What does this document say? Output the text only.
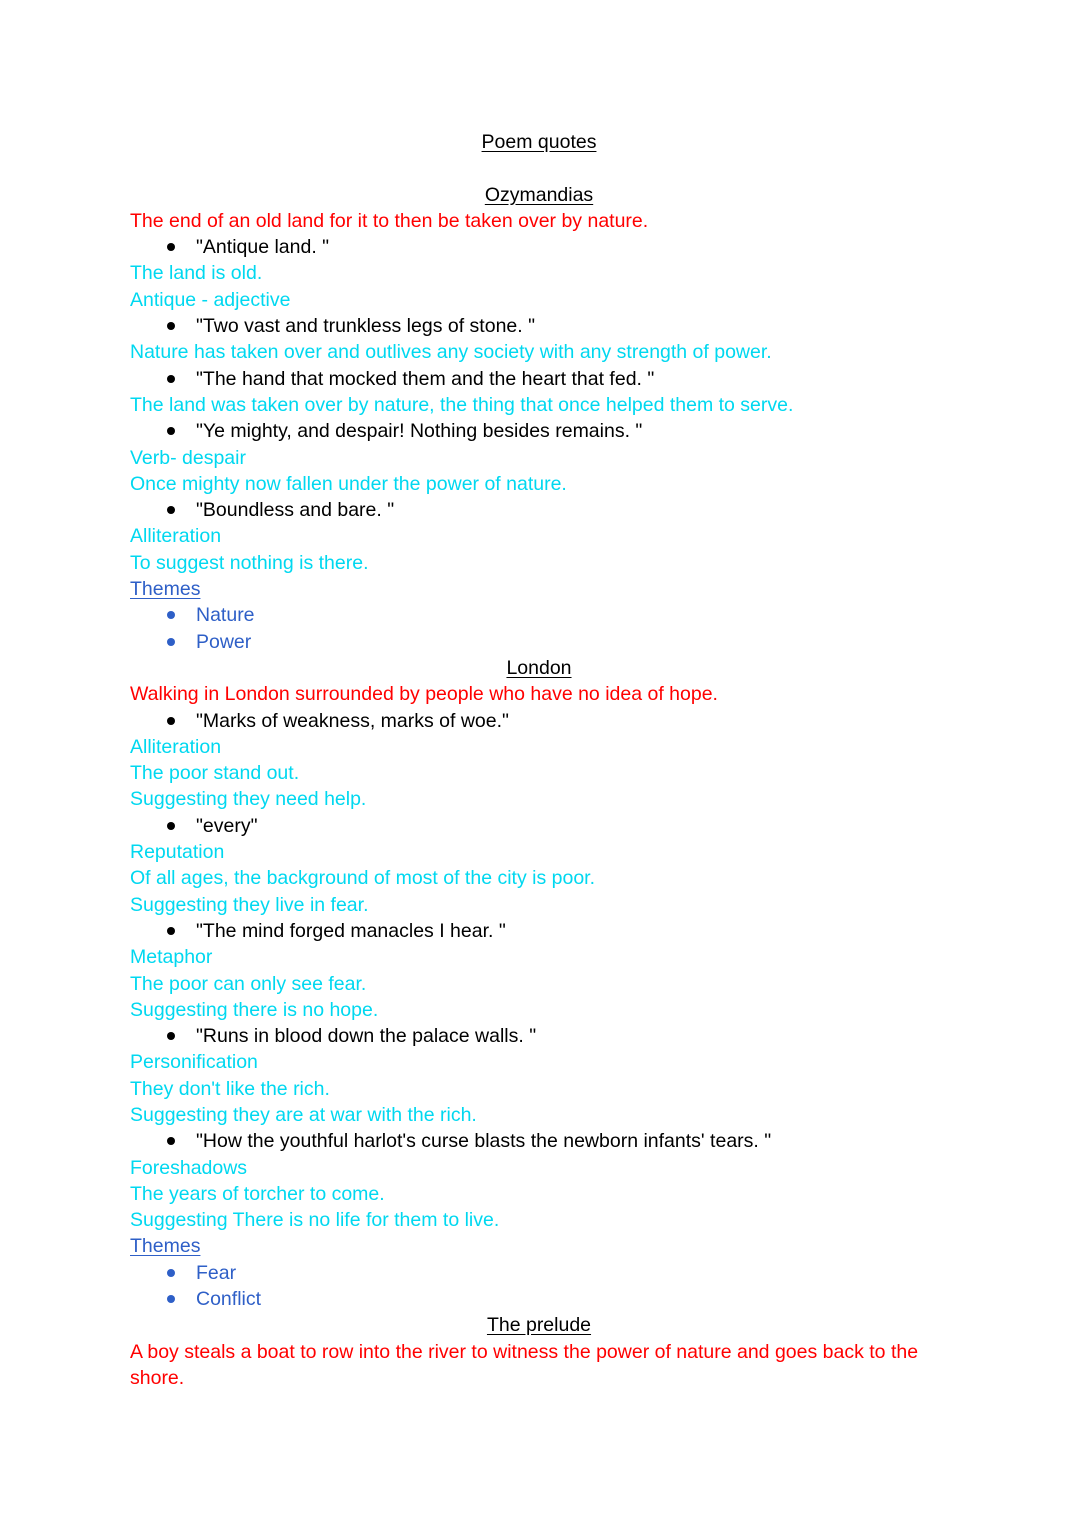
Poem quotes

Ozymandias
The end of an old land for it to then be taken over by nature.
"Antique land. "
The land is old.
Antique - adjective
"Two vast and trunkless legs of stone. "
Nature has taken over and outlives any society with any strength of power.
"The hand that mocked them and the heart that fed. "
The land was taken over by nature, the thing that once helped them to serve.
"Ye mighty, and despair! Nothing besides remains. "
Verb- despair
Once mighty now fallen under the power of nature.
"Boundless and bare. "
Alliteration
To suggest nothing is there.
Themes
Nature
Power
London
Walking in London surrounded by people who have no idea of hope.
"Marks of weakness, marks of woe."
Alliteration
The poor stand out.
Suggesting they need help.
"every"
Reputation
Of all ages, the background of most of the city is poor.
Suggesting they live in fear.
"The mind forged manacles I hear. "
Metaphor
The poor can only see fear.
Suggesting there is no hope.
"Runs in blood down the palace walls. "
Personification
They don't like the rich.
Suggesting they are at war with the rich.
"How the youthful harlot's curse blasts the newborn infants' tears. "
Foreshadows
The years of torcher to come.
Suggesting There is no life for them to live.
Themes
Fear
Conflict
The prelude
A boy steals a boat to row into the river to witness the power of nature and goes back to the shore.
